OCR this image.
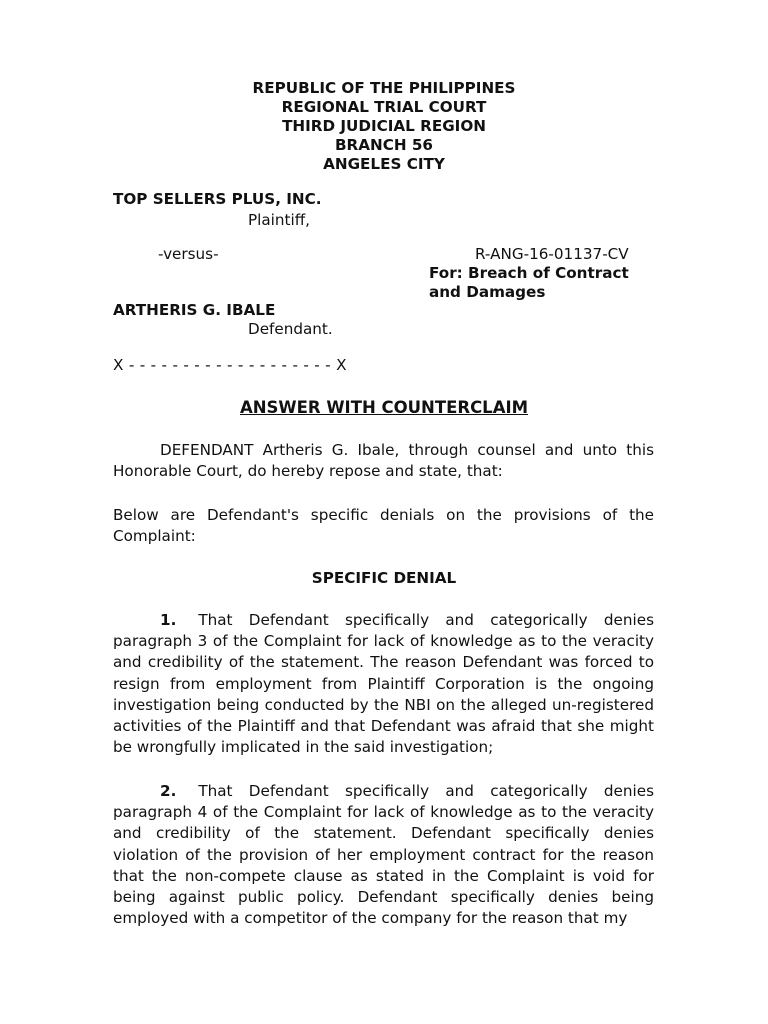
REPUBLIC OF THE PHILIPPINES
REGIONAL TRIAL COURT
THIRD JUDICIAL REGION
BRANCH 56
ANGELES CITY
TOP SELLERS PLUS, INC.
Plaintiff,
-versus-	R-ANG-16-01137-CV
For: Breach of Contract
and Damages
ARTHERIS G. IBALE
Defendant.
X - - - - - - - - - - - - - - - - - - - X
ANSWER WITH COUNTERCLAIM
DEFENDANT Artheris G. Ibale, through counsel and unto this Honorable Court, do hereby repose and state, that:
Below are Defendant's specific denials on the provisions of the Complaint:
SPECIFIC DENIAL
1. That Defendant specifically and categorically denies paragraph 3 of the Complaint for lack of knowledge as to the veracity and credibility of the statement. The reason Defendant was forced to resign from employment from Plaintiff Corporation is the ongoing investigation being conducted by the NBI on the alleged un-registered activities of the Plaintiff and that Defendant was afraid that she might be wrongfully implicated in the said investigation;
2. That Defendant specifically and categorically denies paragraph 4 of the Complaint for lack of knowledge as to the veracity and credibility of the statement. Defendant specifically denies violation of the provision of her employment contract for the reason that the non-compete clause as stated in the Complaint is void for being against public policy. Defendant specifically denies being employed with a competitor of the company for the reason that my
